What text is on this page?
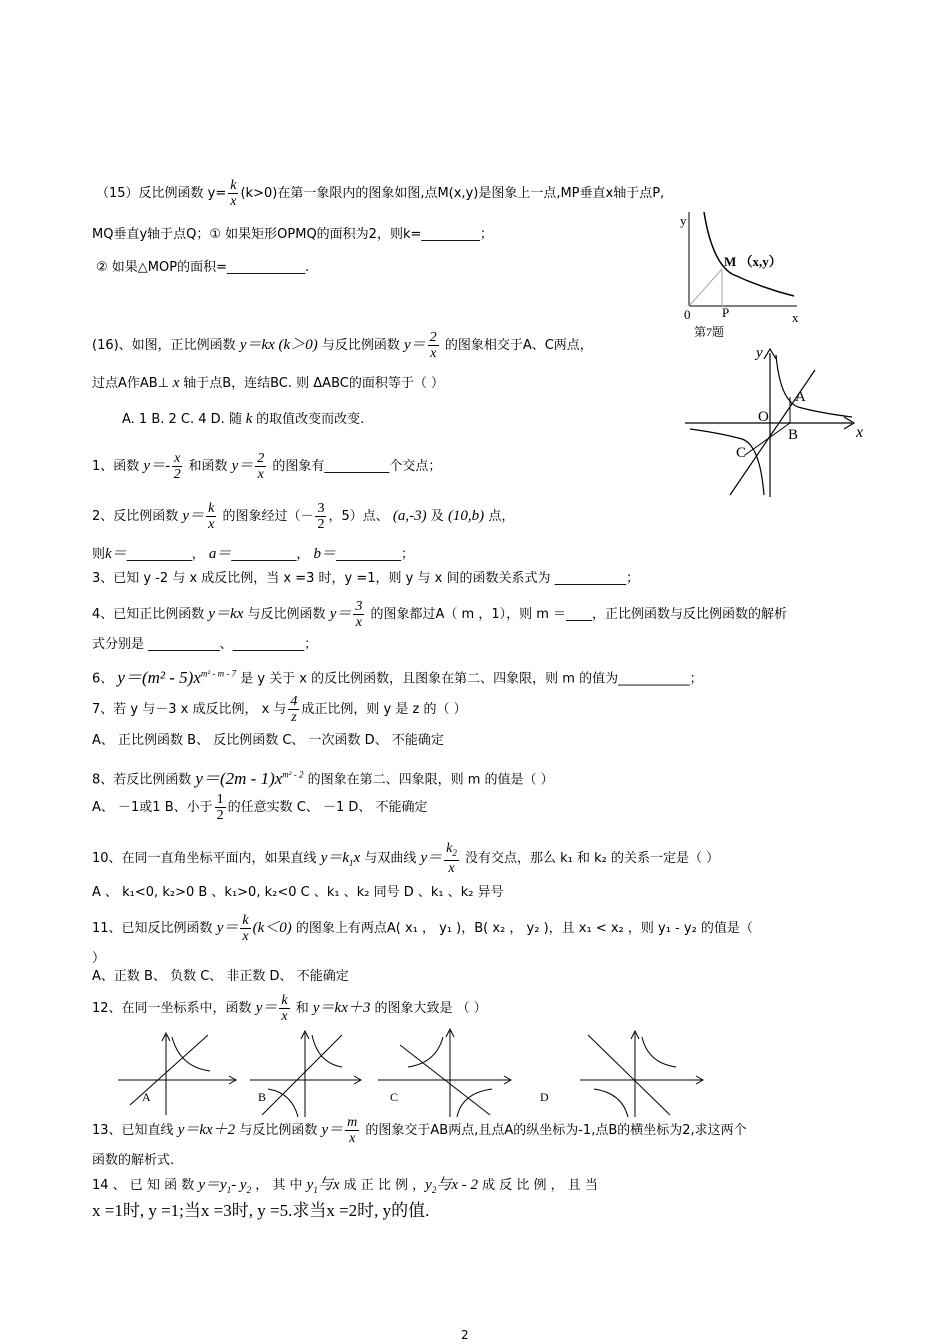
（15）反比例函数 $y= \frac{k}{x} (k>0)$在第一象限内的图象如图,点M(x,y)是图象上一点,MP垂直x轴于点P,
MQ垂直y轴于点Q；① 如果矩形OPMQ的面积为2，则k=_________；
② 如果△MOP的面积=____________.
y
0 P	x
M （x,y）
第7题
(16)、如图，正比例函数 y＝kx (k＞0) 与反比例函数 $y= \frac{2}{x}$ 的图象相交于A、C两点，
过点A作AB⊥ x 轴于点B，连结BC. 则 ΔABC的面积等于（ ）
A. 1 B. 2 C. 4 D. 随 k 的取值改变而改变.
y
x
O
A
B
C
1、函数 $y=- \frac{x}{2}$ 和函数 $y= \frac{2}{x}$ 的图象有__________个交点；
2、反比例函数 $y= \frac{k}{x}$ 的图象经过（－ $\frac{3}{2}$ ，5）点、 (a,-3) 及 (10,b) 点，
则k＝__________， a＝__________， b＝__________；
3、已知 y -2 与 x 成反比例，当 x =3 时，y =1，则 y 与 x 间的函数关系式为 ___________；
4、已知正比例函数 y＝kx 与反比例函数 $y= \frac{3}{x}$ 的图象都过A（ m ，1），则 m ＝____，正比例函数与反比例函数的解析
式分别是 ___________、___________；
6、 $y=(m^2 - 5)x^{m^2 - m - 7}$ 是 y 关于 x 的反比例函数，且图象在第二、四象限，则 m 的值为___________；
7、若 y 与－3 x 成反比例， x 与 $\frac{4}{z}$ 成正比例，则 y 是 z 的（ ）
A、 正比例函数 B、 反比例函数 C、 一次函数 D、 不能确定
8、若反比例函数 $y=(2m - 1)x^{m^2 - 2}$ 的图象在第二、四象限，则 m 的值是（ ）
A、 －1或1 B、小于 $\frac{1}{2}$ 的任意实数 C、 －1 D、 不能确定
10、在同一直角坐标平面内，如果直线 $y=k_1x$ 与双曲线 $y= \frac{k_2}{x}$ 没有交点，那么 k₁ 和 k₂ 的关系一定是（ ）
A 、 k₁<0, k₂>0 B 、k₁>0, k₂<0 C 、k₁ 、k₂ 同号 D 、k₁ 、k₂ 异号
11、已知反比例函数 $y= \frac{k}{x} (k<0)$ 的图象上有两点A( x₁ ， y₁ )，B( x₂ ， y₂ )，且 x₁ < x₂ ，则 y₁ - y₂ 的值是（
）
A、正数 B、 负数 C、 非正数 D、 不能确定
12、在同一坐标系中，函数 $y= \frac{k}{x}$ 和 y＝kx＋3 的图象大致是 （ ）
A	B	C	D
13、已知直线 y＝kx＋2 与反比例函数 $y= \frac{m}{x}$ 的图象交于AB两点,且点A的纵坐标为-1,点B的横坐标为2,求这两个
函数的解析式.
14 、 已 知 函 数 $y=y_1-$ $y_2$ ， 其 中 $y_1$与x 成 正 比 例 ，$y_2$与x - 2 成 反 比 例 ， 且 当
x =1时, y =1;当x =3时, y =5.求当x =2时, y的值.
2
